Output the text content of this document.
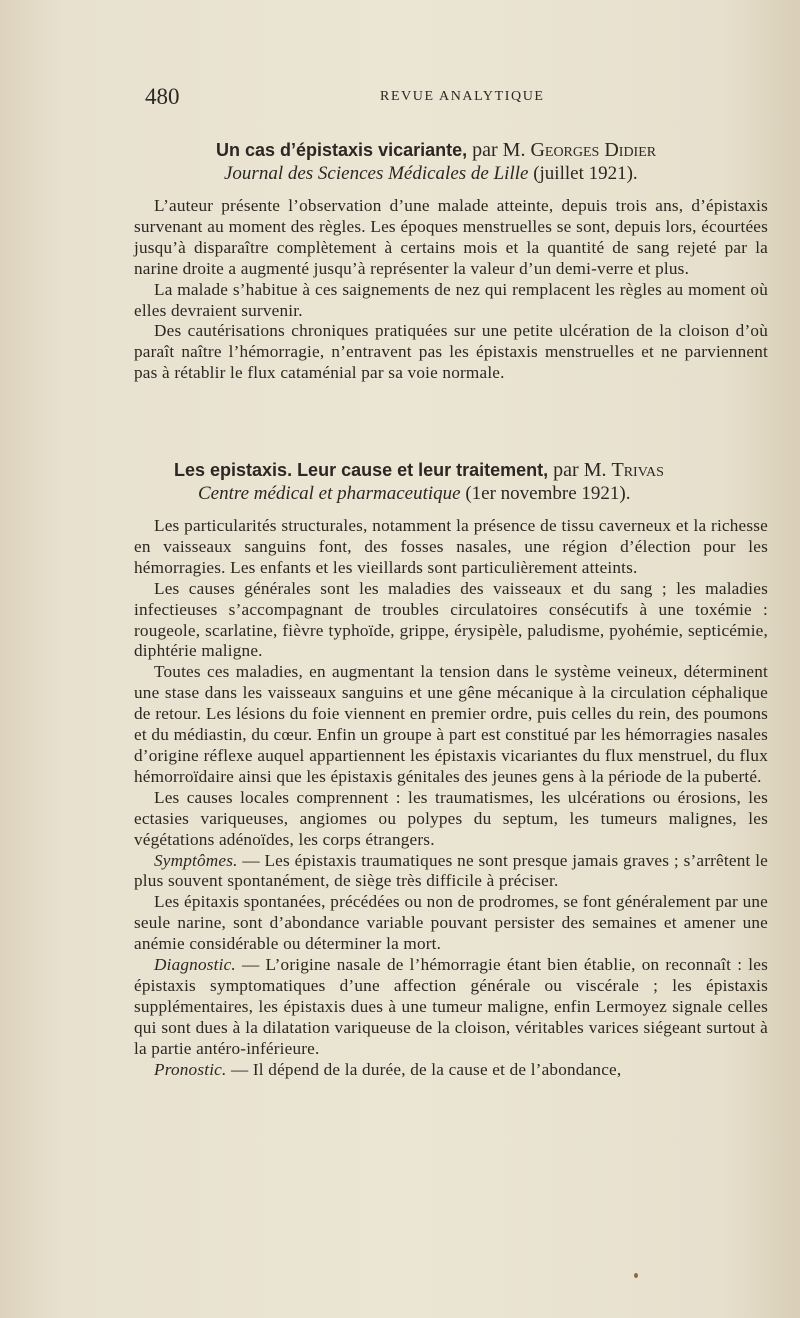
480	REVUE ANALYTIQUE
Un cas d’épistaxis vicariante, par M. Georges Didier
Journal des Sciences Médicales de Lille (juillet 1921).

L’auteur présente l’observation d’une malade atteinte, depuis trois ans, d’épistaxis survenant au moment des règles. Les époques menstruelles se sont, depuis lors, écourtées jusqu’à disparaître complètement à certains mois et la quantité de sang rejeté par la narine droite a augmenté jusqu’à représenter la valeur d’un demi-verre et plus.

La malade s’habitue à ces saignements de nez qui remplacent les règles au moment où elles devraient survenir.

Des cautérisations chroniques pratiquées sur une petite ulcération de la cloison d’où paraît naître l’hémorragie, n’entravent pas les épistaxis menstruelles et ne parviennent pas à rétablir le flux cataménial par sa voie normale.

Les epistaxis. Leur cause et leur traitement, par M. Trivas
Centre médical et pharmaceutique (1er novembre 1921).

Les particularités structurales, notamment la présence de tissu caverneux et la richesse en vaisseaux sanguins font, des fosses nasales, une région d’élection pour les hémorragies. Les enfants et les vieillards sont particulièrement atteints.

Les causes générales sont les maladies des vaisseaux et du sang ; les maladies infectieuses s’accompagnant de troubles circulatoires consécutifs à une toxémie : rougeole, scarlatine, fièvre typhoïde, grippe, érysipèle, paludisme, pyohémie, septicémie, diphtérie maligne.

Toutes ces maladies, en augmentant la tension dans le système veineux, déterminent une stase dans les vaisseaux sanguins et une gêne mécanique à la circulation céphalique de retour. Les lésions du foie viennent en premier ordre, puis celles du rein, des poumons et du médiastin, du cœur. Enfin un groupe à part est constitué par les hémorragies nasales d’origine réflexe auquel appartiennent les épistaxis vicariantes du flux menstruel, du flux hémorroïdaire ainsi que les épistaxis génitales des jeunes gens à la période de la puberté.

Les causes locales comprennent : les traumatismes, les ulcérations ou érosions, les ectasies variqueuses, angiomes ou polypes du septum, les tumeurs malignes, les végétations adénoïdes, les corps étrangers.

Symptômes. — Les épistaxis traumatiques ne sont presque jamais graves ; s’arrêtent le plus souvent spontanément, de siège très difficile à préciser.

Les épitaxis spontanées, précédées ou non de prodromes, se font généralement par une seule narine, sont d’abondance variable pouvant persister des semaines et amener une anémie considérable ou déterminer la mort.

Diagnostic. — L’origine nasale de l’hémorragie étant bien établie, on reconnaît : les épistaxis symptomatiques d’une affection générale ou viscérale ; les épistaxis supplémentaires, les épistaxis dues à une tumeur maligne, enfin Lermoyez signale celles qui sont dues à la dilatation variqueuse de la cloison, véritables varices siégeant surtout à la partie antéro-inférieure.

Pronostic. — Il dépend de la durée, de la cause et de l’abondance,
